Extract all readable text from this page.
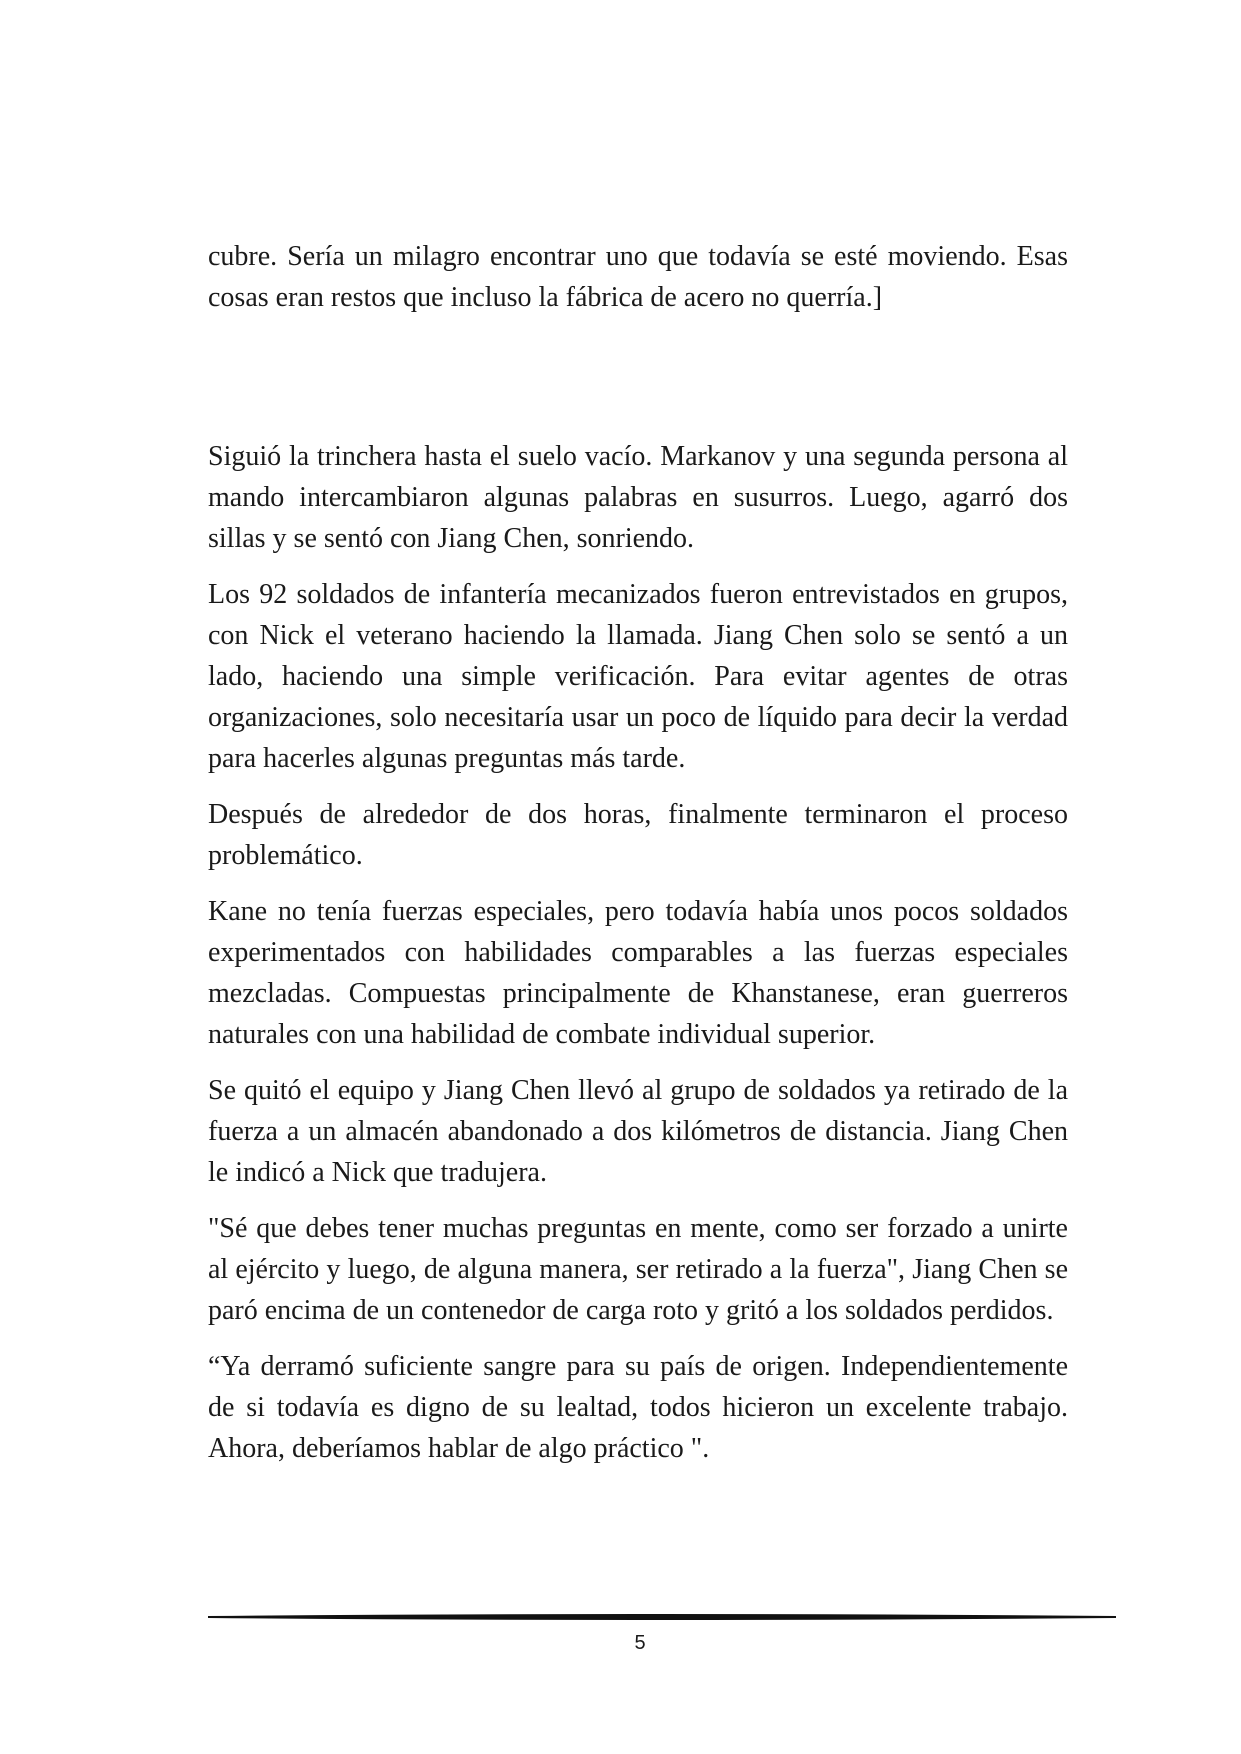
cubre. Sería un milagro encontrar uno que todavía se esté moviendo. Esas cosas eran restos que incluso la fábrica de acero no querría.]

Siguió la trinchera hasta el suelo vacío. Markanov y una segunda persona al mando intercambiaron algunas palabras en susurros. Luego, agarró dos sillas y se sentó con Jiang Chen, sonriendo.

Los 92 soldados de infantería mecanizados fueron entrevistados en grupos, con Nick el veterano haciendo la llamada. Jiang Chen solo se sentó a un lado, haciendo una simple verificación. Para evitar agentes de otras organizaciones, solo necesitaría usar un poco de líquido para decir la verdad para hacerles algunas preguntas más tarde.

Después de alrededor de dos horas, finalmente terminaron el proceso problemático.

Kane no tenía fuerzas especiales, pero todavía había unos pocos soldados experimentados con habilidades comparables a las fuerzas especiales mezcladas. Compuestas principalmente de Khanstanese, eran guerreros naturales con una habilidad de combate individual superior.

Se quitó el equipo y Jiang Chen llevó al grupo de soldados ya retirado de la fuerza a un almacén abandonado a dos kilómetros de distancia. Jiang Chen le indicó a Nick que tradujera.

"Sé que debes tener muchas preguntas en mente, como ser forzado a unirte al ejército y luego, de alguna manera, ser retirado a la fuerza", Jiang Chen se paró encima de un contenedor de carga roto y gritó a los soldados perdidos.

“Ya derramó suficiente sangre para su país de origen. Independientemente de si todavía es digno de su lealtad, todos hicieron un excelente trabajo. Ahora, deberíamos hablar de algo práctico ".

5
